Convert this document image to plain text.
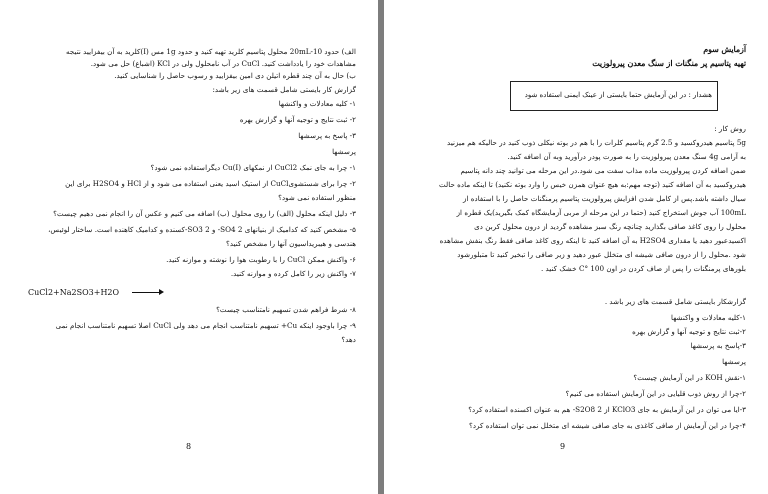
الف) حدود 20mL-10 محلول پتاسیم کلرید تهیه کنید و حدود 1g مس (I)کلرید به آن بیفزایید نتیجه
مشاهدات خود را یادداشت کنید. CuCl در آب نامحلول ولی در KCl (اشباع) حل می شود.
ب) حال به آن چند قطره اتیلن دی امین بیفزایید و رسوب حاصل را شناسایی کنید.
گزارش کار بایستی شامل قسمت های زیر باشد:
۱- کلیه معادلات و واکنشها
۲- ثبت نتایج و توجیه آنها و گزارش بهره
۳- پاسخ به پرسشها
پرسشها
۱- چرا به جای نمک CuCl2 از نمکهای Cu(I) دیگراستفاده نمی شود؟
۲- چرا برای شستشویCuCl از استیک اسید یعنی استفاده می شود و از HCl و H2SO4 برای این
منظور استفاده نمی شود؟
۳- دلیل اینکه محلول (الف) را روی محلول (ب) اضافه می کنیم و عکس آن را انجام نمی دهیم چیست؟
۵- مشخص کنید که کدامیک از بنیانهای SO4 2- و SO3 2-کسنده و کدامیک کاهنده است. ساختار لوئیس،
هندسی و هیبریداسیون آنها را مشخص کنید؟
۶- واکنش ممکن CuCl را با رطوبت هوا را نوشته و موازنه کنید.
۷- واکنش زیر را کامل کرده و موازنه کنید.
CuCl2+Na2SO3+H2O
۸- شرط فراهم شدن تسهیم نامتناسب چیست؟
۹- چرا باوجود اینکه Cu+ تسهیم نامتناسب انجام می دهد ولی CuCl اصلا تسهیم نامتناسب انجام نمی
دهد؟
8
آزمایش سوم
تهیه پتاسیم پر منگنات از سنگ معدن پیرولوزیت
هشدار : در این آزمایش حتما بایستی از عینک ایمنی استفاده شود
روش کار :
5g پتاسیم هیدروکسید و 2.5 گرم پتاسیم کلرات را با هم در بوته نیکلی ذوب کنید در حالیکه هم میزنید
به آرامی 4g سنگ معدن پیرولوزیت را به صورت پودر درآورید وبه آن اضافه کنید.
ضمن اضافه کردن پیرولوزیت ماده مذاب سفت می شود.در این مرحله می توانید چند دانه پتاسیم
هیدروکسید به آن اضافه کنید (توجه مهم:به هیچ عنوان همزن خیس را وارد بوته نکنید) تا اینکه ماده حالت
سیال داشته باشد.پس از کامل شدن افزایش پیرولوزیت پتاسیم پرمنگنات حاصل را با استفاده از
100mL آب جوش استخراج کنید (حتما در این مرحله از مربی آزمایشگاه کمک بگیرید)یک قطره از
محلول را روی کاغذ صافی بگذارید چنانچه رنگ سبز مشاهده گردید از درون محلول کربن دی
اکسیدعبور دهید یا مقداری H2SO4 به آن اضافه کنید تا اینکه روی کاغذ صافی فقط رنگ بنفش مشاهده
شود .محلول را از درون صافی شیشه ای متخلل عبور دهید و زیر صافی را تبخیر کنید تا متبلورشود
بلورهای پرمنگنات را پس از صاف کردن در اون 100 °C خشک کنید .
گزارشکار بایستی شامل قسمت های زیر باشد .
۱-کلیه معادلات و واکنشها
۲-ثبت نتایج و توجیه آنها و گزارش بهره
۳-پاسخ به پرسشها
پرسشها
۱-نقش KOH در این آزمایش چیست؟
۲-چرا از روش ذوب قلیایی در این آزمایش استفاده می کنیم؟
۳-ایا می توان در این آزمایش به جای KClO3 از S2O8 2- هم به عنوان اکسنده استفاده کرد؟
۴-چرا در این آزمایش از صافی کاغذی به جای صافی شیشه ای متخلل نمی توان استفاده کرد؟
9
